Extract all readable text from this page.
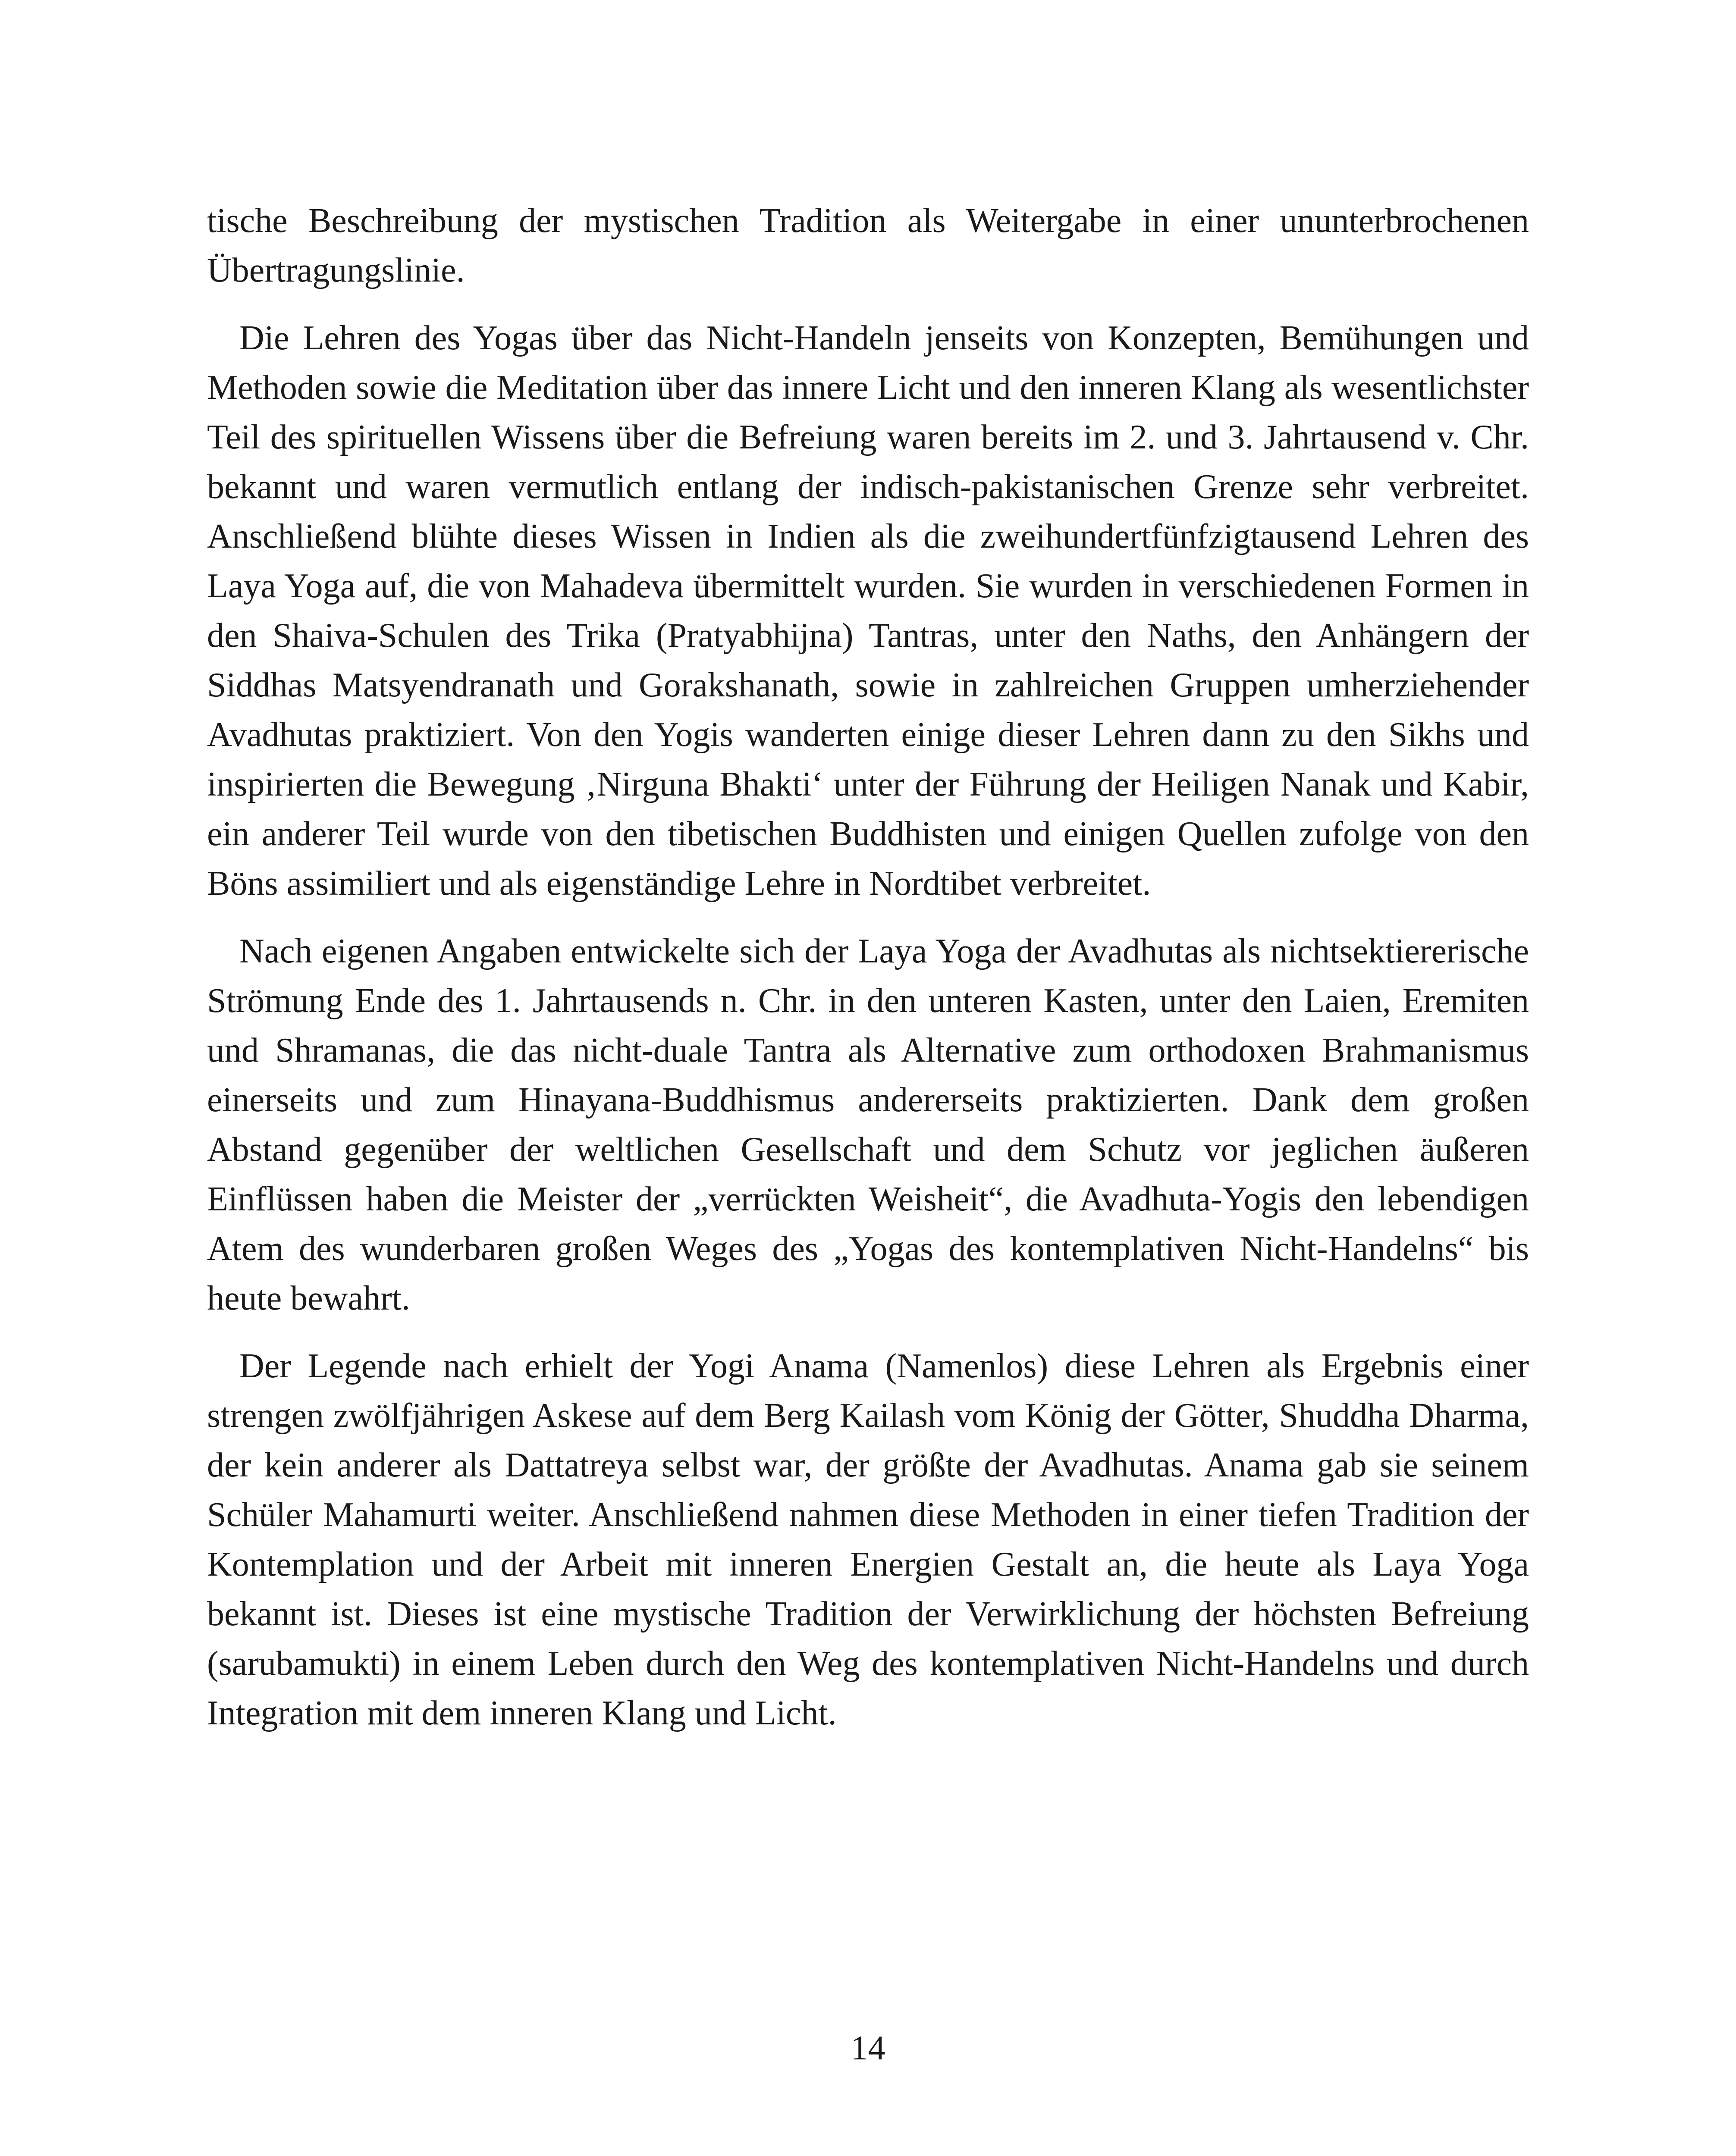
tische Beschreibung der mystischen Tradition als Weitergabe in einer ununterbrochenen Übertragungslinie.

Die Lehren des Yogas über das Nicht-Handeln jenseits von Konzepten, Bemühungen und Methoden sowie die Meditation über das innere Licht und den inneren Klang als wesentlichster Teil des spirituellen Wissens über die Befreiung waren bereits im 2. und 3. Jahrtausend v. Chr. bekannt und waren vermutlich entlang der indisch-pakistanischen Grenze sehr verbreitet. Anschließend blühte dieses Wissen in Indien als die zweihundertfünfzigtausend Lehren des Laya Yoga auf, die von Mahadeva übermittelt wurden. Sie wurden in verschiedenen Formen in den Shaiva-Schulen des Trika (Pratyabhijna) Tantras, unter den Naths, den Anhängern der Siddhas Matsyendranath und Gorakshanath, sowie in zahlreichen Gruppen umherziehender Avadhutas praktiziert. Von den Yogis wanderten einige dieser Lehren dann zu den Sikhs und inspirierten die Bewegung ‚Nirguna Bhakti‘ unter der Führung der Heiligen Nanak und Kabir, ein anderer Teil wurde von den tibetischen Buddhisten und einigen Quellen zufolge von den Böns assimiliert und als eigenständige Lehre in Nordtibet verbreitet.

Nach eigenen Angaben entwickelte sich der Laya Yoga der Avadhutas als nichtsektiererische Strömung Ende des 1. Jahrtausends n. Chr. in den unteren Kasten, unter den Laien, Eremiten und Shramanas, die das nicht-duale Tantra als Alternative zum orthodoxen Brahmanismus einerseits und zum Hinayana-Buddhismus andererseits praktizierten. Dank dem großen Abstand gegenüber der weltlichen Gesellschaft und dem Schutz vor jeglichen äußeren Einflüssen haben die Meister der „verrückten Weisheit“, die Avadhuta-Yogis den lebendigen Atem des wunderbaren großen Weges des „Yogas des kontemplativen Nicht-Handelns“ bis heute bewahrt.

Der Legende nach erhielt der Yogi Anama (Namenlos) diese Lehren als Ergebnis einer strengen zwölfjährigen Askese auf dem Berg Kailash vom König der Götter, Shuddha Dharma, der kein anderer als Dattatreya selbst war, der größte der Avadhutas. Anama gab sie seinem Schüler Mahamurti weiter. Anschließend nahmen diese Methoden in einer tiefen Tradition der Kontemplation und der Arbeit mit inneren Energien Gestalt an, die heute als Laya Yoga bekannt ist. Dieses ist eine mystische Tradition der Verwirklichung der höchsten Befreiung (sarubamukti) in einem Leben durch den Weg des kontemplativen Nicht-Handelns und durch Integration mit dem inneren Klang und Licht.

14
